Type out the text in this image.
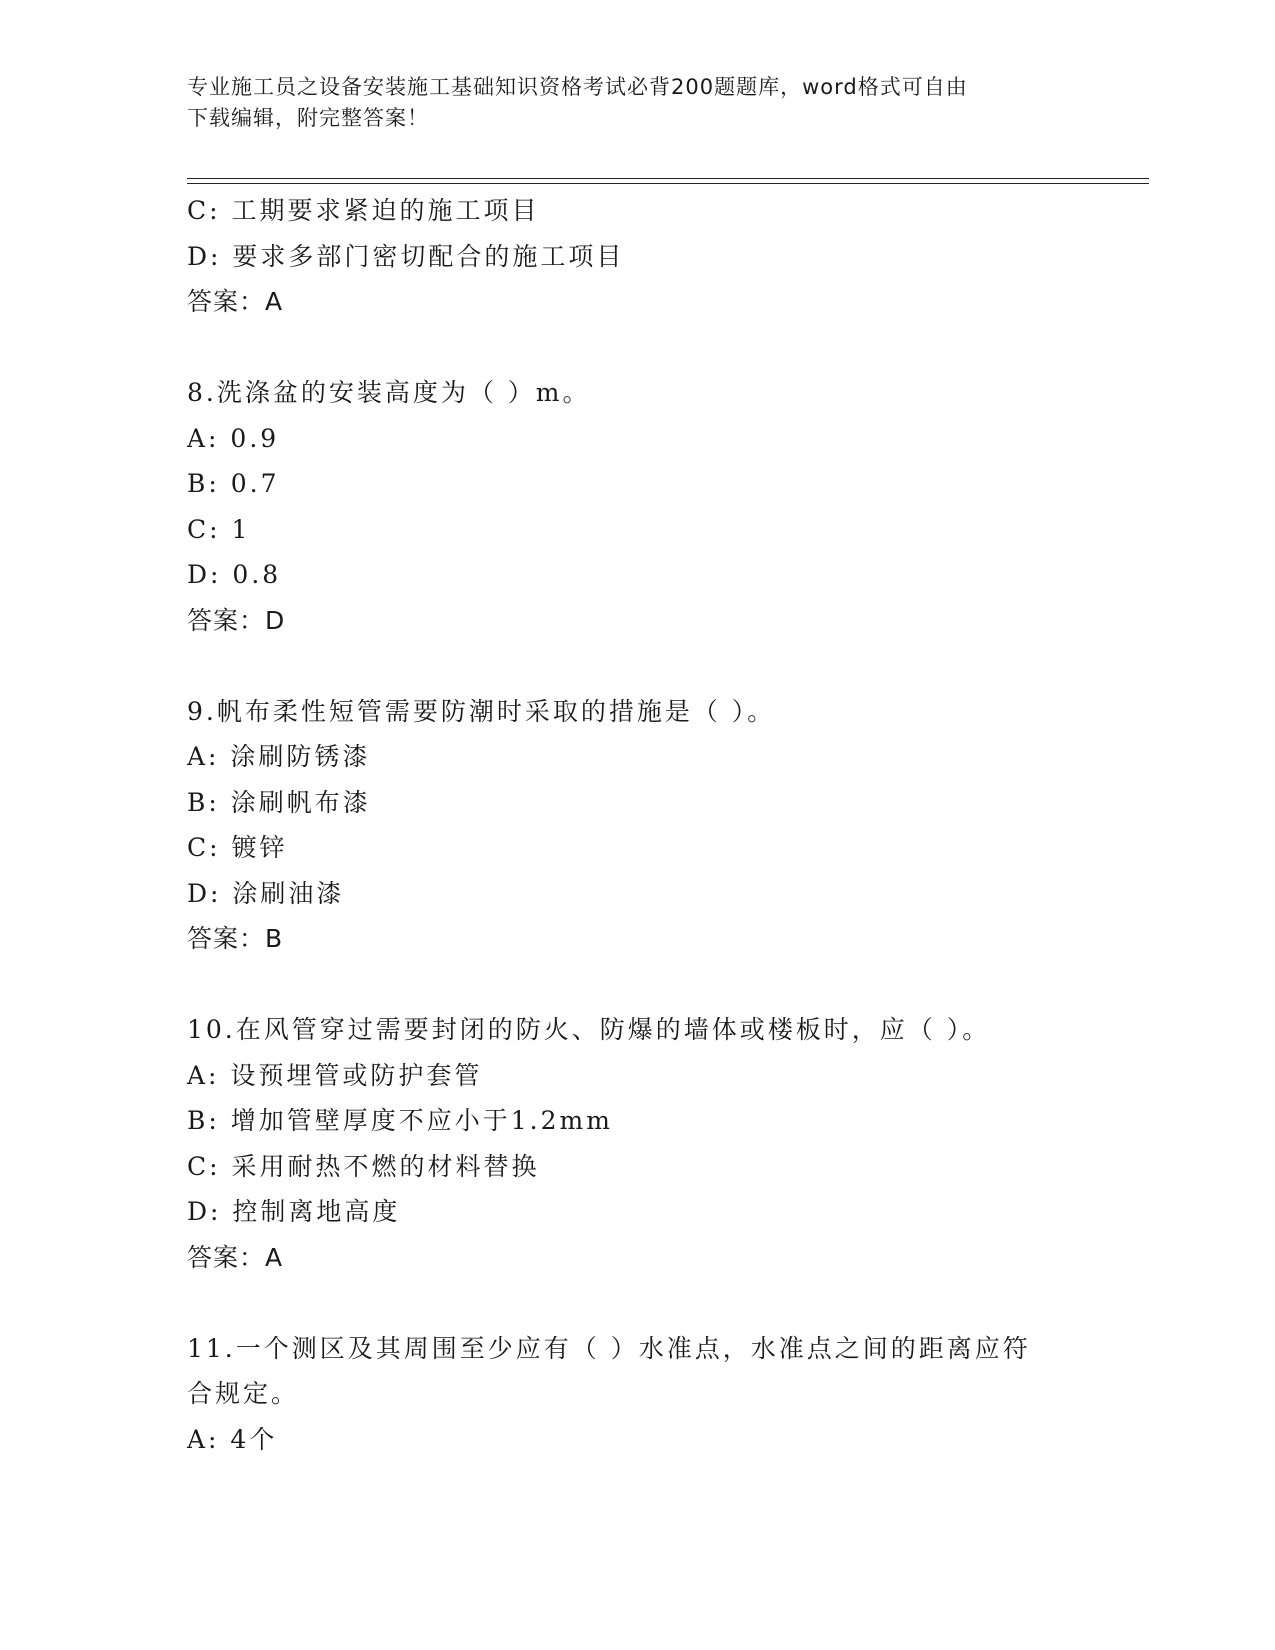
专业施工员之设备安装施工基础知识资格考试必背200题题库，word格式可自由
下载编辑，附完整答案！
C: 工期要求紧迫的施工项目
D: 要求多部门密切配合的施工项目
答案：A
8.洗涤盆的安装高度为（ ）m。
A: 0.9
B: 0.7
C: 1
D: 0.8
答案：D
9.帆布柔性短管需要防潮时采取的措施是（ ）。
A: 涂刷防锈漆
B: 涂刷帆布漆
C: 镀锌
D: 涂刷油漆
答案：B
10.在风管穿过需要封闭的防火、防爆的墙体或楼板时，应（ ）。
A: 设预埋管或防护套管
B: 增加管壁厚度不应小于1.2mm
C: 采用耐热不燃的材料替换
D: 控制离地高度
答案：A
11.一个测区及其周围至少应有（ ）水准点，水准点之间的距离应符
合规定。
A: 4个
